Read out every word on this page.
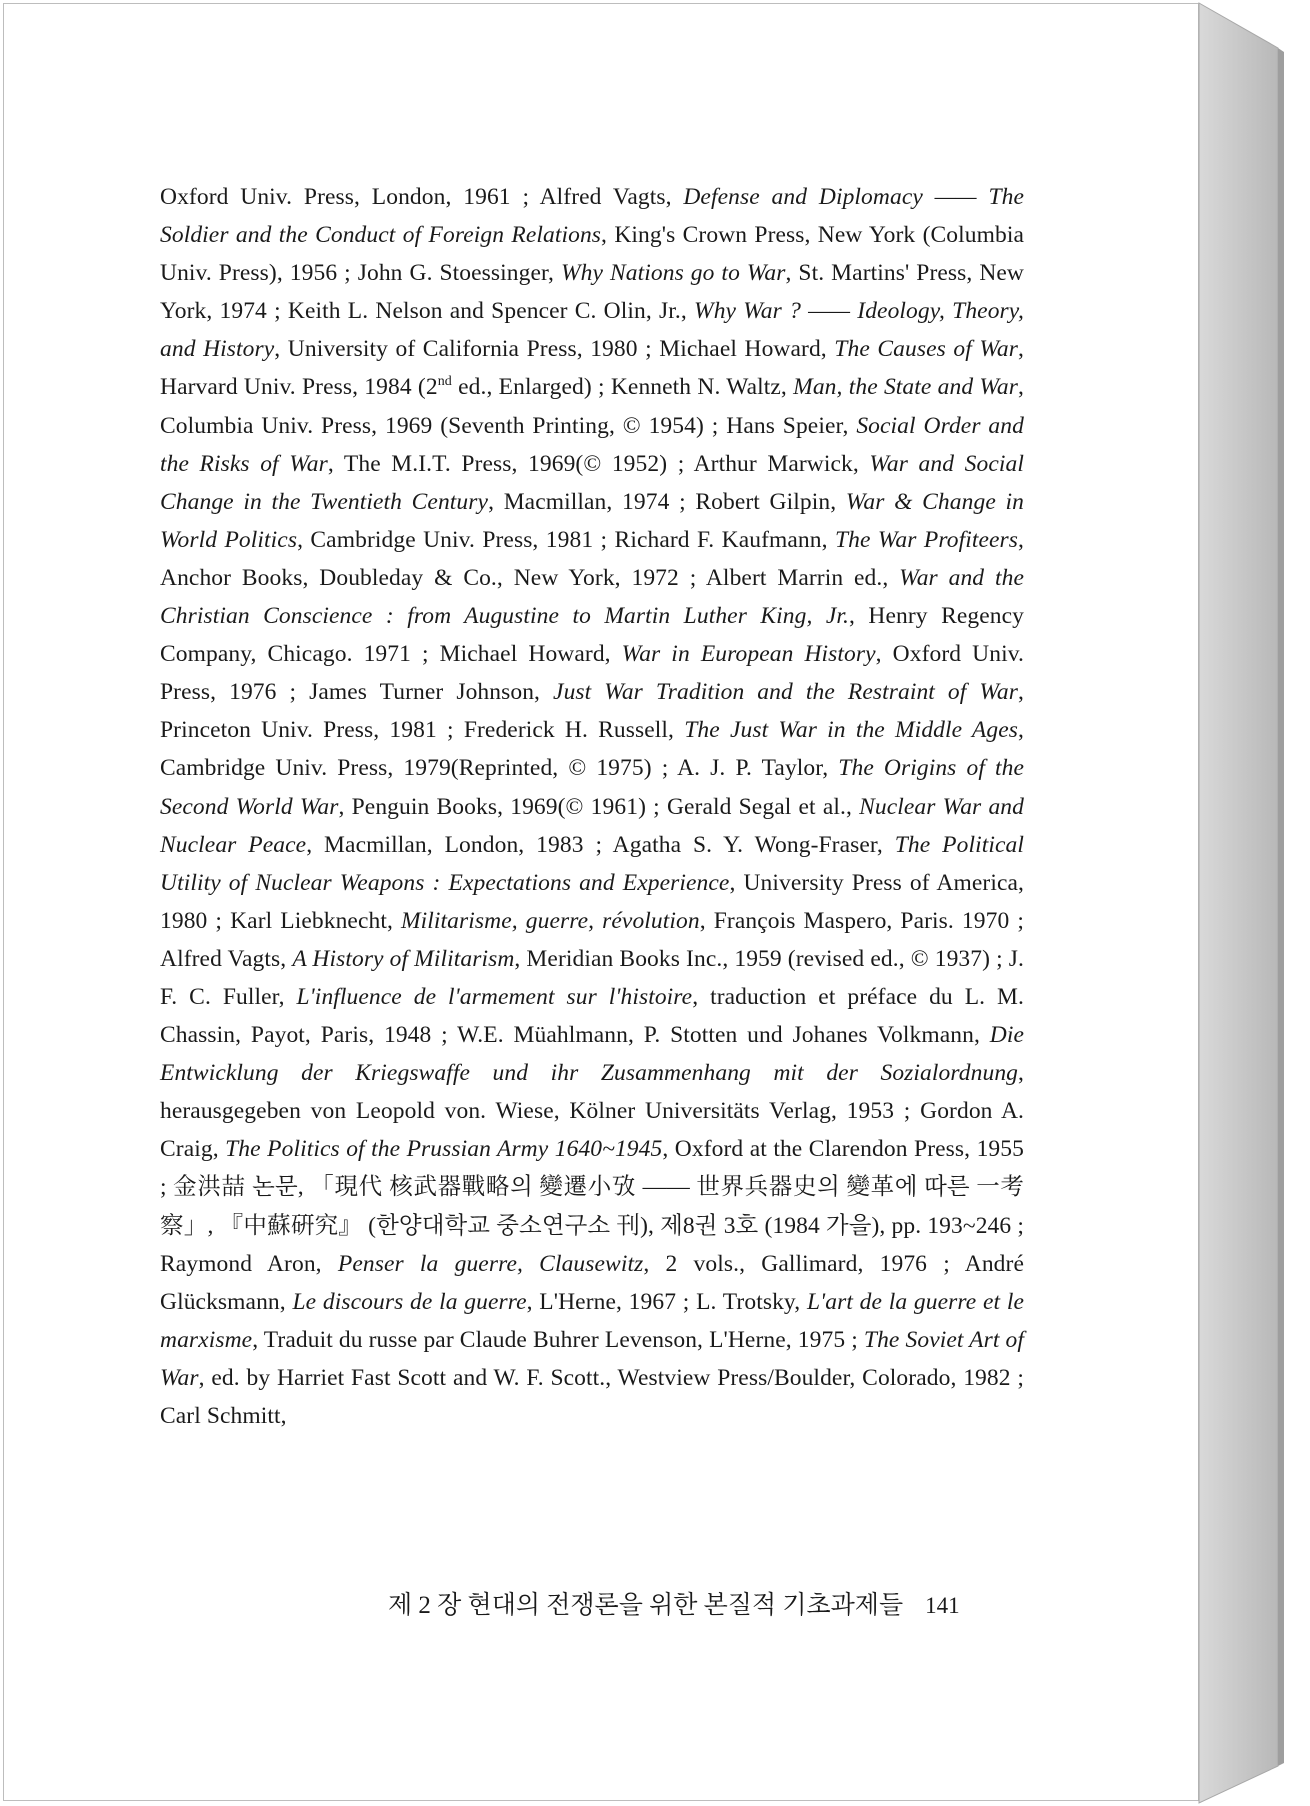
Oxford Univ. Press, London, 1961 ; Alfred Vagts, Defense and Diplomacy —— The Soldier and the Conduct of Foreign Relations, King's Crown Press, New York (Columbia Univ. Press), 1956 ; John G. Stoessinger, Why Nations go to War, St. Martins' Press, New York, 1974 ; Keith L. Nelson and Spencer C. Olin, Jr., Why War ? —— Ideology, Theory, and History, University of California Press, 1980 ; Michael Howard, The Causes of War, Harvard Univ. Press, 1984 (2nd ed., Enlarged) ; Kenneth N. Waltz, Man, the State and War, Columbia Univ. Press, 1969 (Seventh Printing, © 1954) ; Hans Speier, Social Order and the Risks of War, The M.I.T. Press, 1969(© 1952) ; Arthur Marwick, War and Social Change in the Twentieth Century, Macmillan, 1974 ; Robert Gilpin, War & Change in World Politics, Cambridge Univ. Press, 1981 ; Richard F. Kaufmann, The War Profiteers, Anchor Books, Doubleday & Co., New York, 1972 ; Albert Marrin ed., War and the Christian Conscience : from Augustine to Martin Luther King, Jr., Henry Regency Company, Chicago. 1971 ; Michael Howard, War in European History, Oxford Univ. Press, 1976 ; James Turner Johnson, Just War Tradition and the Restraint of War, Princeton Univ. Press, 1981 ; Frederick H. Russell, The Just War in the Middle Ages, Cambridge Univ. Press, 1979(Reprinted, © 1975) ; A. J. P. Taylor, The Origins of the Second World War, Penguin Books, 1969(© 1961) ; Gerald Segal et al., Nuclear War and Nuclear Peace, Macmillan, London, 1983 ; Agatha S. Y. Wong-Fraser, The Political Utility of Nuclear Weapons : Expectations and Experience, University Press of America, 1980 ; Karl Liebknecht, Militarisme, guerre, révolution, François Maspero, Paris. 1970 ; Alfred Vagts, A History of Militarism, Meridian Books Inc., 1959 (revised ed., © 1937) ; J. F. C. Fuller, L'influence de l'armement sur l'histoire, traduction et préface du L. M. Chassin, Payot, Paris, 1948 ; W.E. Müahlmann, P. Stotten und Johanes Volkmann, Die Entwicklung der Kriegswaffe und ihr Zusammenhang mit der Sozialordnung, herausgegeben von Leopold von. Wiese, Kölner Universitäts Verlag, 1953 ; Gordon A. Craig, The Politics of the Prussian Army 1640~1945, Oxford at the Clarendon Press, 1955 ; 金洪喆 논문, 「現代 核武器戰略의 變遷小攷 —— 世界兵器史의 變革에 따른 一考察」, 『中蘇硏究』 (한양대학교 중소연구소 刊), 제8권 3호 (1984 가을), pp. 193~246 ; Raymond Aron, Penser la guerre, Clausewitz, 2 vols., Gallimard, 1976 ; André Glücksmann, Le discours de la guerre, L'Herne, 1967 ; L. Trotsky, L'art de la guerre et le marxisme, Traduit du russe par Claude Buhrer Levenson, L'Herne, 1975 ; The Soviet Art of War, ed. by Harriet Fast Scott and W. F. Scott., Westview Press/Boulder, Colorado, 1982 ; Carl Schmitt,

제 2 장 현대의 전쟁론을 위한 본질적 기초과제들 141
